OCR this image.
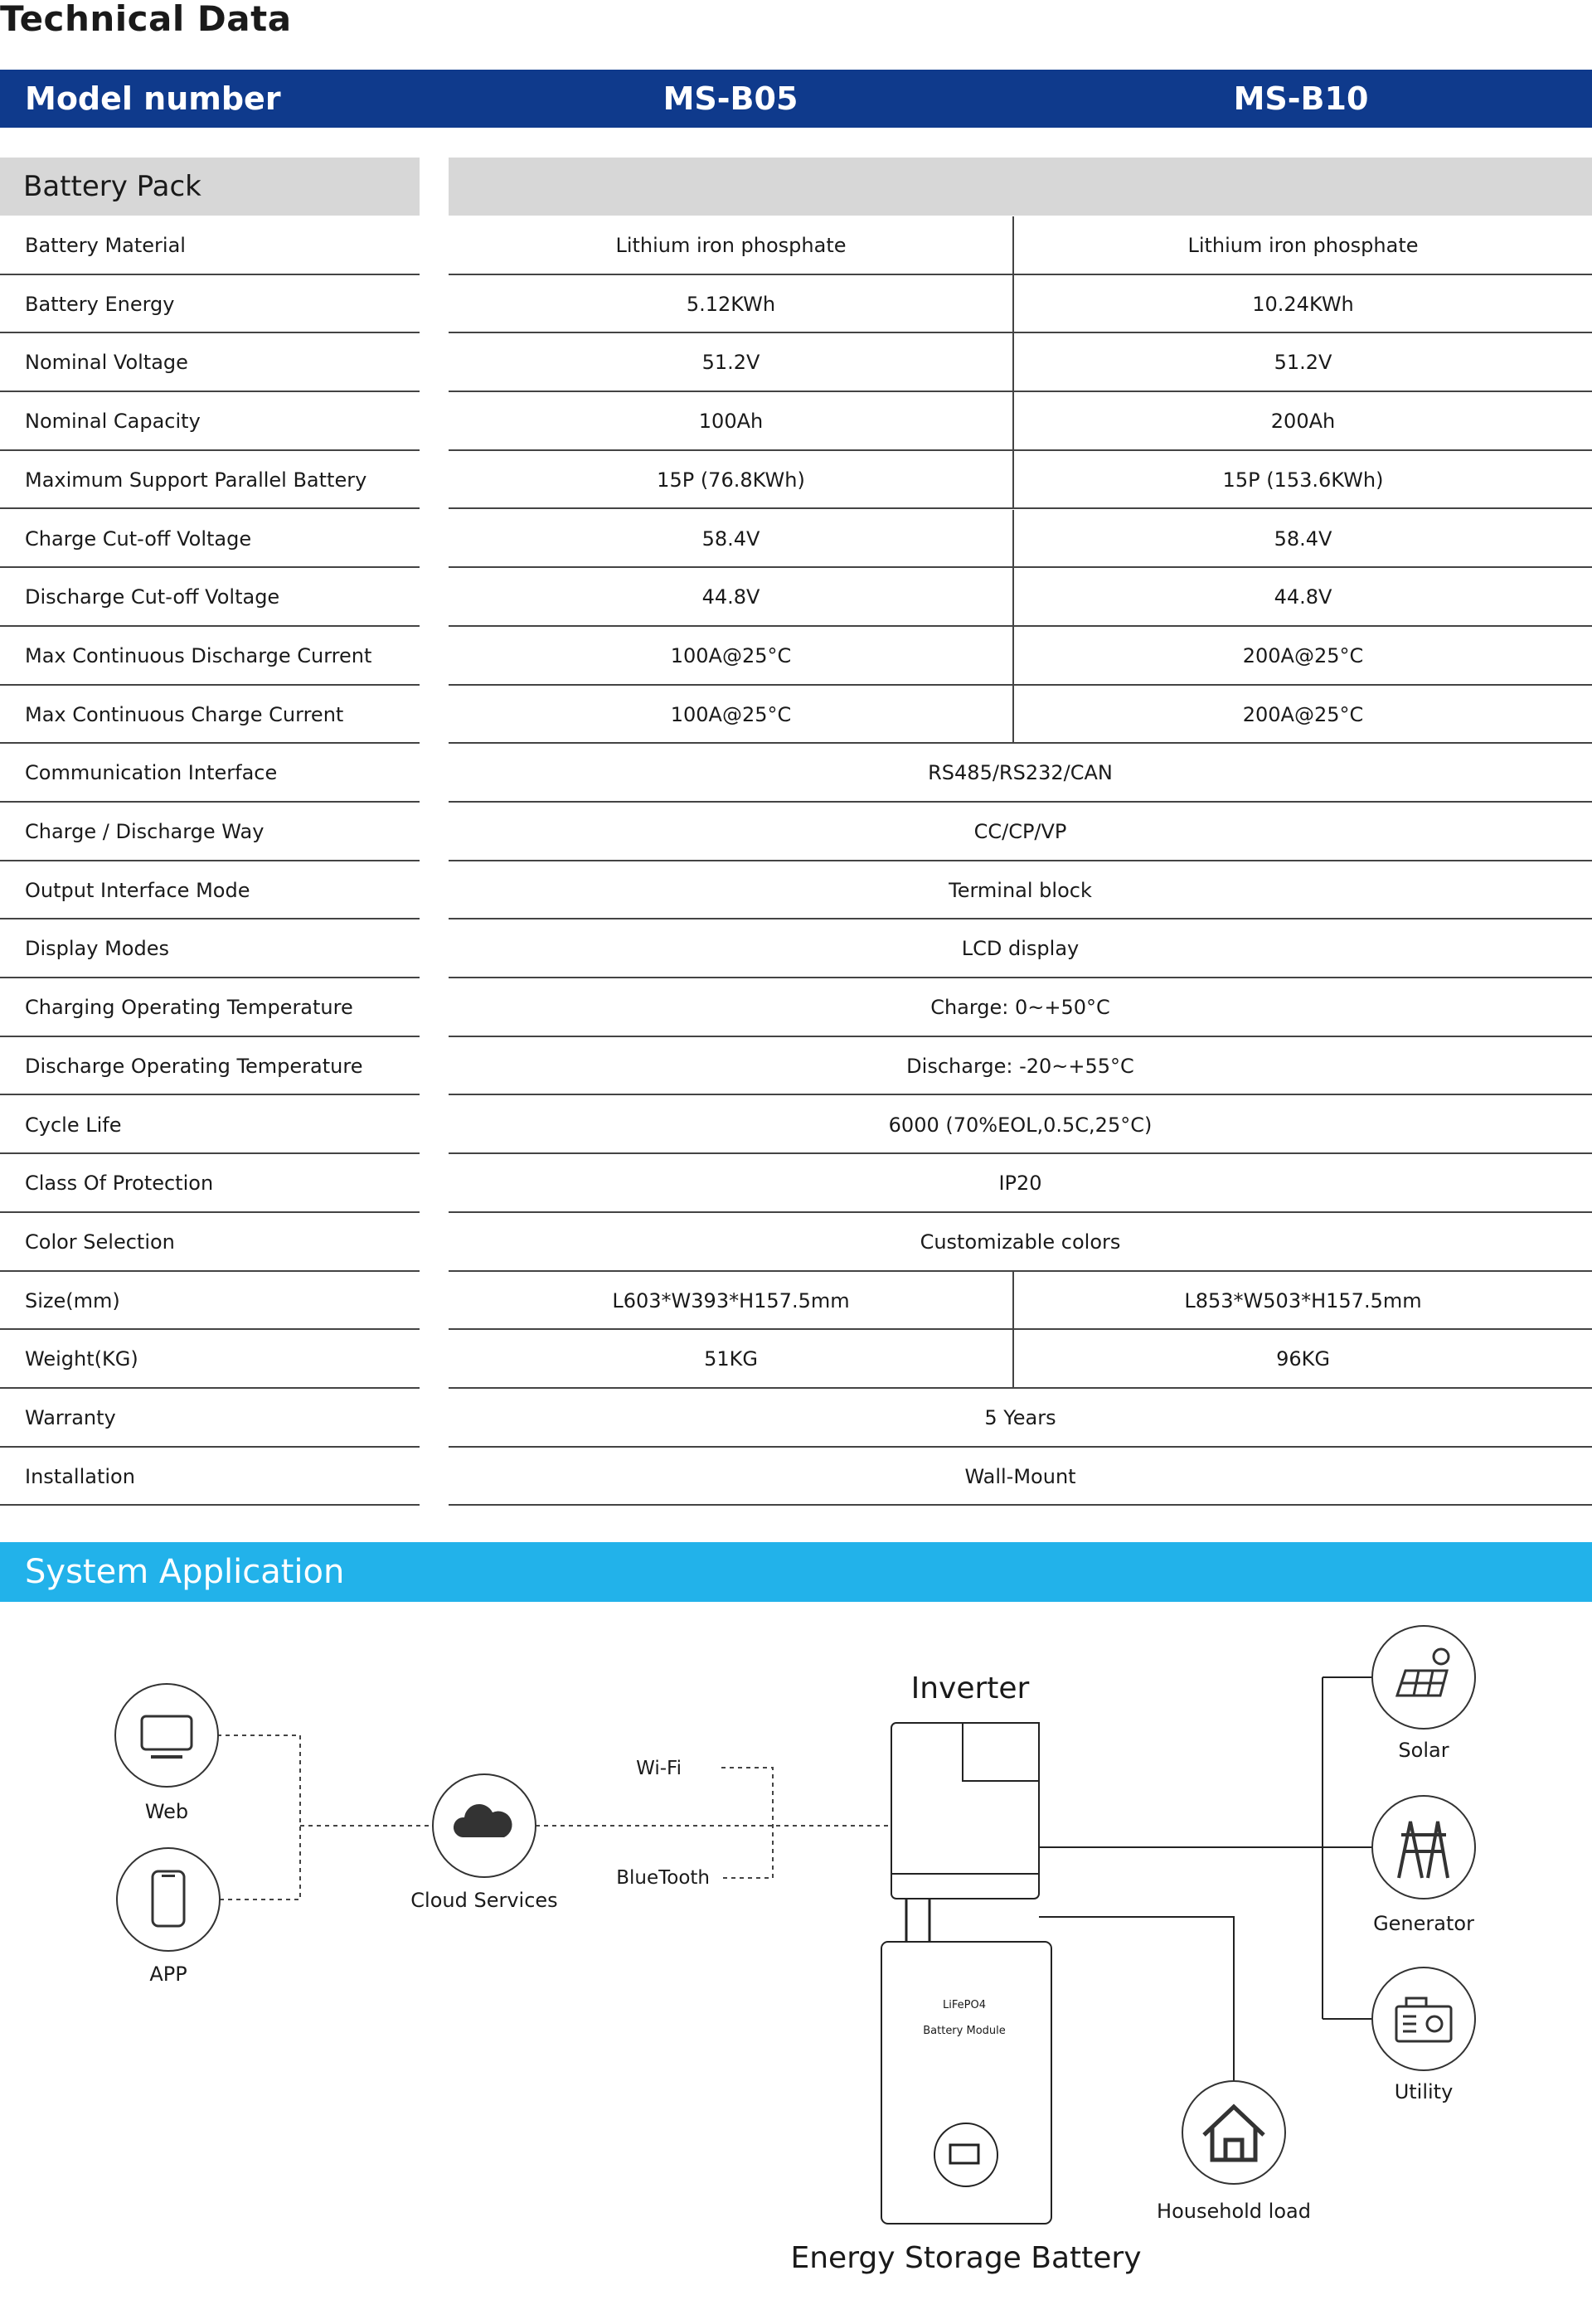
Technical Data
Model number	MS-B05	MS-B10
Battery Pack
Battery Material	Lithium iron phosphate	Lithium iron phosphate
Battery Energy	5.12KWh	10.24KWh
Nominal Voltage	51.2V	51.2V
Nominal Capacity	100Ah	200Ah
Maximum Support Parallel Battery	15P (76.8KWh)	15P (153.6KWh)
Charge Cut-off Voltage	58.4V	58.4V
Discharge Cut-off Voltage	44.8V	44.8V
Max Continuous Discharge Current	100A@25°C	200A@25°C
Max Continuous Charge Current	100A@25°C	200A@25°C
Communication Interface	RS485/RS232/CAN
Charge / Discharge Way	CC/CP/VP
Output Interface Mode	Terminal block
Display Modes	LCD display
Charging Operating Temperature	Charge: 0~+50°C
Discharge Operating Temperature	Discharge: -20~+55°C
Cycle Life	6000 (70%EOL,0.5C,25°C)
Class Of Protection	IP20
Color Selection	Customizable colors
Size(mm)	L603*W393*H157.5mm	L853*W503*H157.5mm
Weight(KG)	51KG	96KG
Warranty	5 Years
Installation	Wall-Mount
System Application
Web
APP
Cloud Services
Wi-Fi
BlueTooth
Inverter
LiFePO4
Battery Module
Energy Storage Battery
Solar
Generator
Utility
Household load
